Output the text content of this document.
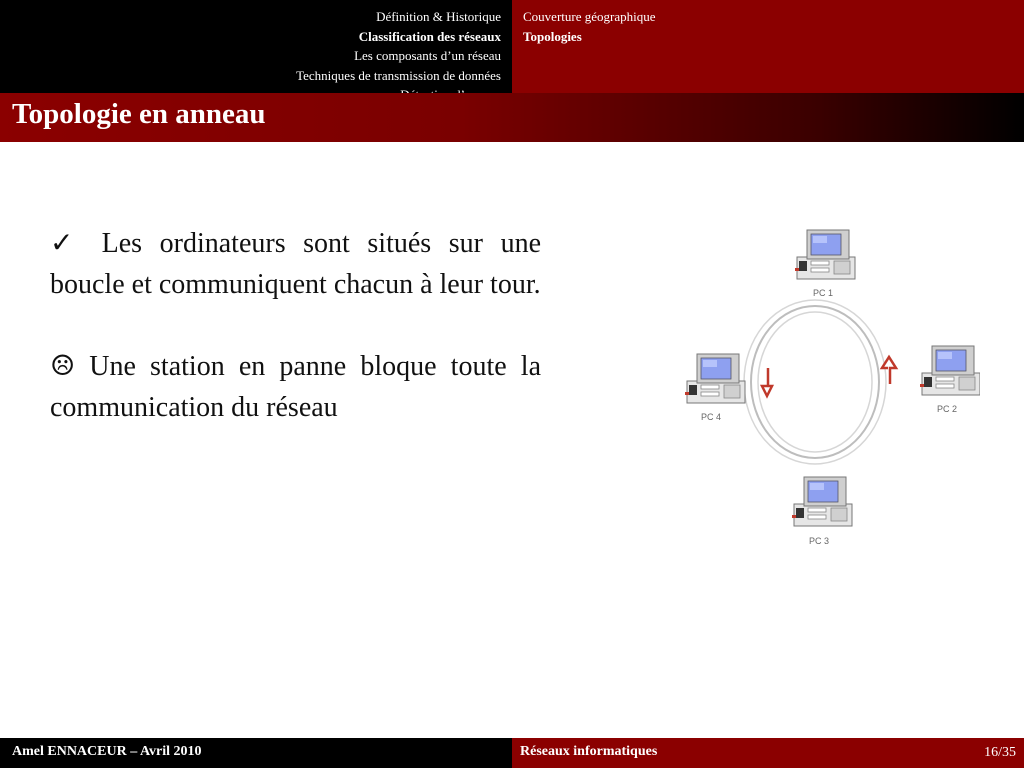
Définition & Historique
Classification des réseaux
Les composants d’un réseau
Techniques de transmission de données
Couverture géographique
Topologies
Topologie en anneau

✓ Les ordinateurs sont situés sur une boucle et communiquent chacun à leur tour.

☹ Une station en panne bloque toute la communication du réseau

PC 1
PC 2
PC 3
PC 4
Amel ENNACEUR – Avril 2010	Réseaux informatiques	16/35
